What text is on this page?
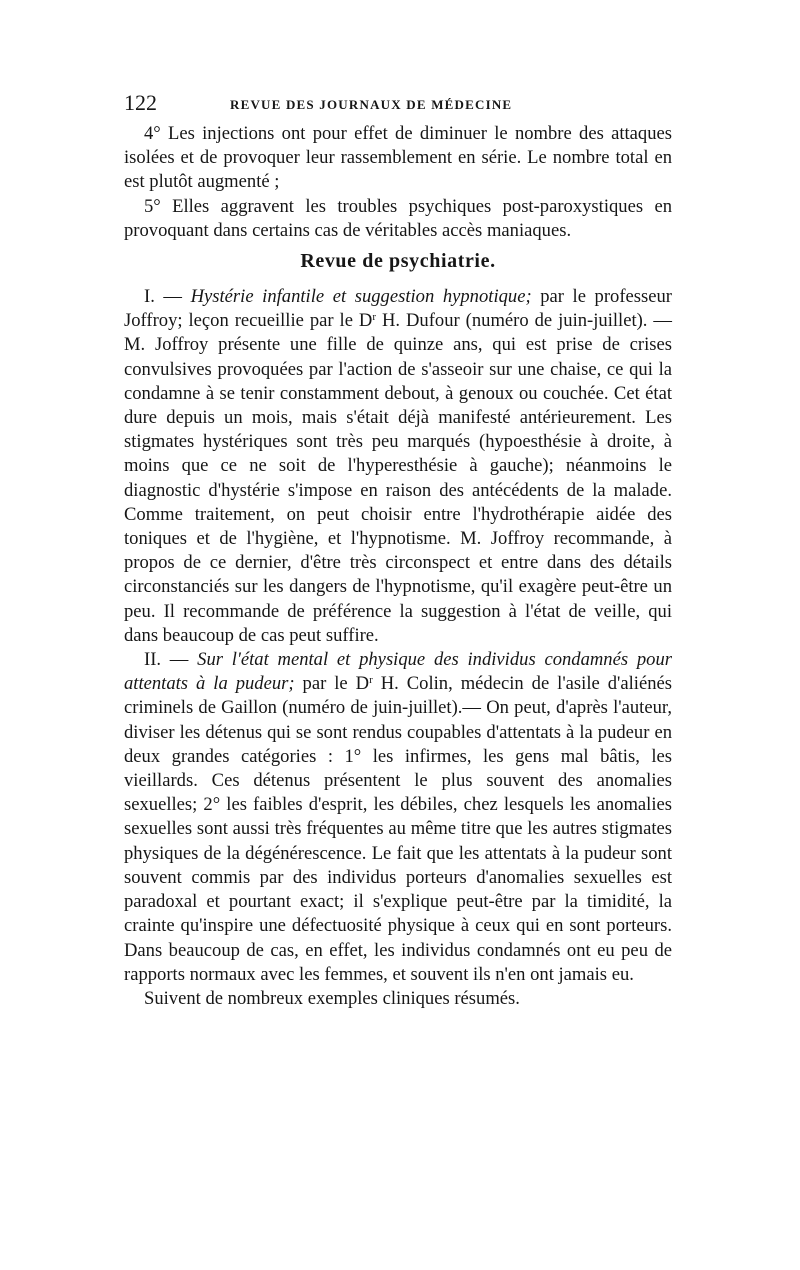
122	REVUE DES JOURNAUX DE MÉDECINE

4° Les injections ont pour effet de diminuer le nombre des attaques isolées et de provoquer leur rassemblement en série. Le nombre total en est plutôt augmenté ;

5° Elles aggravent les troubles psychiques post-paroxystiques en provoquant dans certains cas de véritables accès maniaques.

Revue de psychiatrie.

I. — Hystérie infantile et suggestion hypnotique; par le professeur Joffroy; leçon recueillie par le $D^r$ H. Dufour (numéro de juin-juillet). — M. Joffroy présente une fille de quinze ans, qui est prise de crises convulsives provoquées par l'action de s'asseoir sur une chaise, ce qui la condamne à se tenir constamment debout, à genoux ou couchée. Cet état dure depuis un mois, mais s'était déjà manifesté antérieurement. Les stigmates hystériques sont très peu marqués (hypoesthésie à droite, à moins que ce ne soit de l'hyperesthésie à gauche); néanmoins le diagnostic d'hystérie s'impose en raison des antécédents de la malade. Comme traitement, on peut choisir entre l'hydrothérapie aidée des toniques et de l'hygiène, et l'hypnotisme. M. Joffroy recommande, à propos de ce dernier, d'être très circonspect et entre dans des détails circonstanciés sur les dangers de l'hypnotisme, qu'il exagère peut-être un peu. Il recommande de préférence la suggestion à l'état de veille, qui dans beaucoup de cas peut suffire.

II. — Sur l'état mental et physique des individus condamnés pour attentats à la pudeur; par le $D^r$ H. Colin, médecin de l'asile d'aliénés criminels de Gaillon (numéro de juin-juillet).— On peut, d'après l'auteur, diviser les détenus qui se sont rendus coupables d'attentats à la pudeur en deux grandes catégories : 1° les infirmes, les gens mal bâtis, les vieillards. Ces détenus présentent le plus souvent des anomalies sexuelles; 2° les faibles d'esprit, les débiles, chez lesquels les anomalies sexuelles sont aussi très fréquentes au même titre que les autres stigmates physiques de la dégénérescence. Le fait que les attentats à la pudeur sont souvent commis par des individus porteurs d'anomalies sexuelles est paradoxal et pourtant exact; il s'explique peut-être par la timidité, la crainte qu'inspire une défectuosité physique à ceux qui en sont porteurs. Dans beaucoup de cas, en effet, les individus condamnés ont eu peu de rapports normaux avec les femmes, et souvent ils n'en ont jamais eu.

Suivent de nombreux exemples cliniques résumés.
